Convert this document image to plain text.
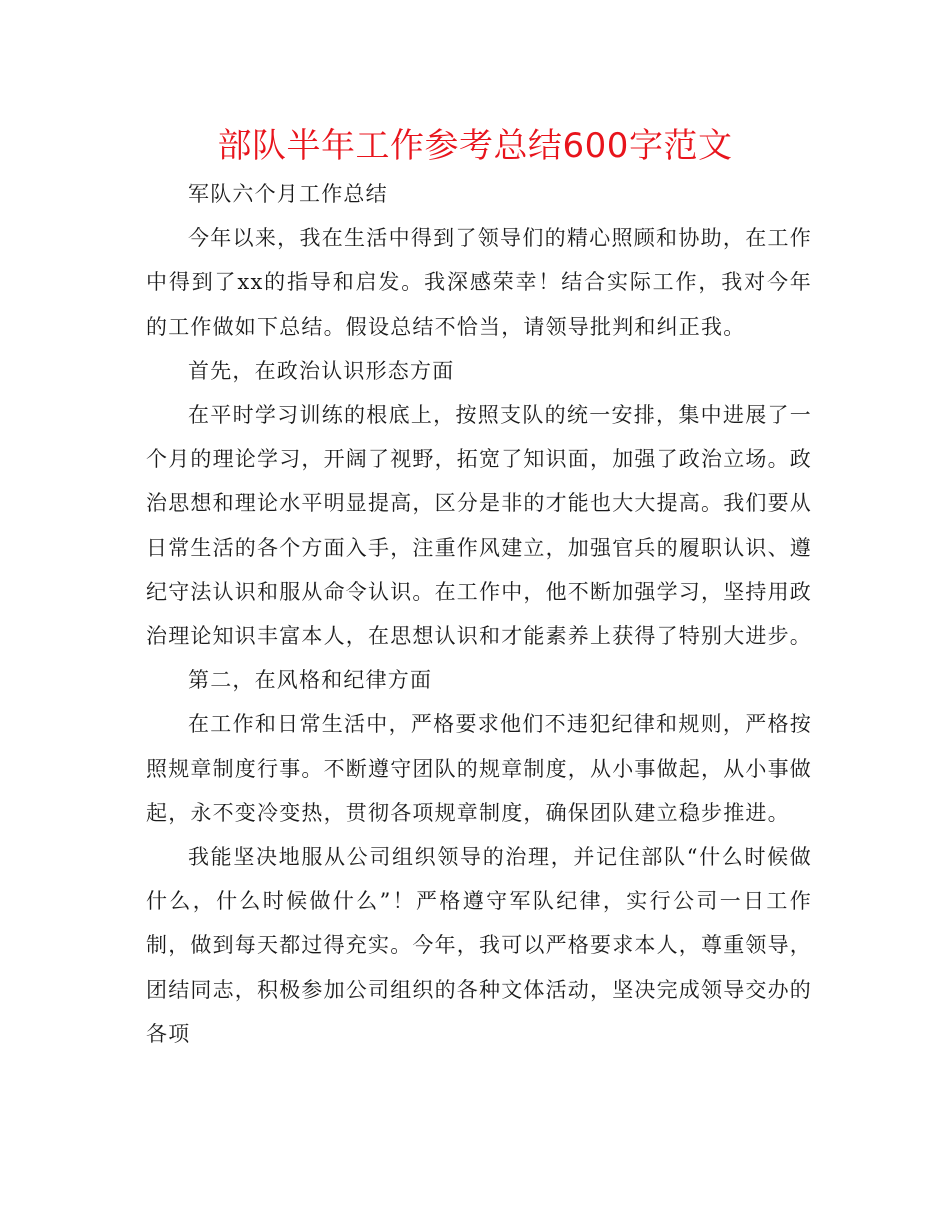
部队半年工作参考总结600字范文

军队六个月工作总结

今年以来，我在生活中得到了领导们的精心照顾和协助，在工作中得到了xx的指导和启发。我深感荣幸！结合实际工作，我对今年的工作做如下总结。假设总结不恰当，请领导批判和纠正我。

首先，在政治认识形态方面

在平时学习训练的根底上，按照支队的统一安排，集中进展了一个月的理论学习，开阔了视野，拓宽了知识面，加强了政治立场。政治思想和理论水平明显提高，区分是非的才能也大大提高。我们要从日常生活的各个方面入手，注重作风建立，加强官兵的履职认识、遵纪守法认识和服从命令认识。在工作中，他不断加强学习，坚持用政治理论知识丰富本人，在思想认识和才能素养上获得了特别大进步。

第二，在风格和纪律方面

在工作和日常生活中，严格要求他们不违犯纪律和规则，严格按照规章制度行事。不断遵守团队的规章制度，从小事做起，从小事做起，永不变冷变热，贯彻各项规章制度，确保团队建立稳步推进。

我能坚决地服从公司组织领导的治理，并记住部队“什么时候做什么，什么时候做什么”！严格遵守军队纪律，实行公司一日工作制，做到每天都过得充实。今年，我可以严格要求本人，尊重领导，团结同志，积极参加公司组织的各种文体活动，坚决完成领导交办的各项
